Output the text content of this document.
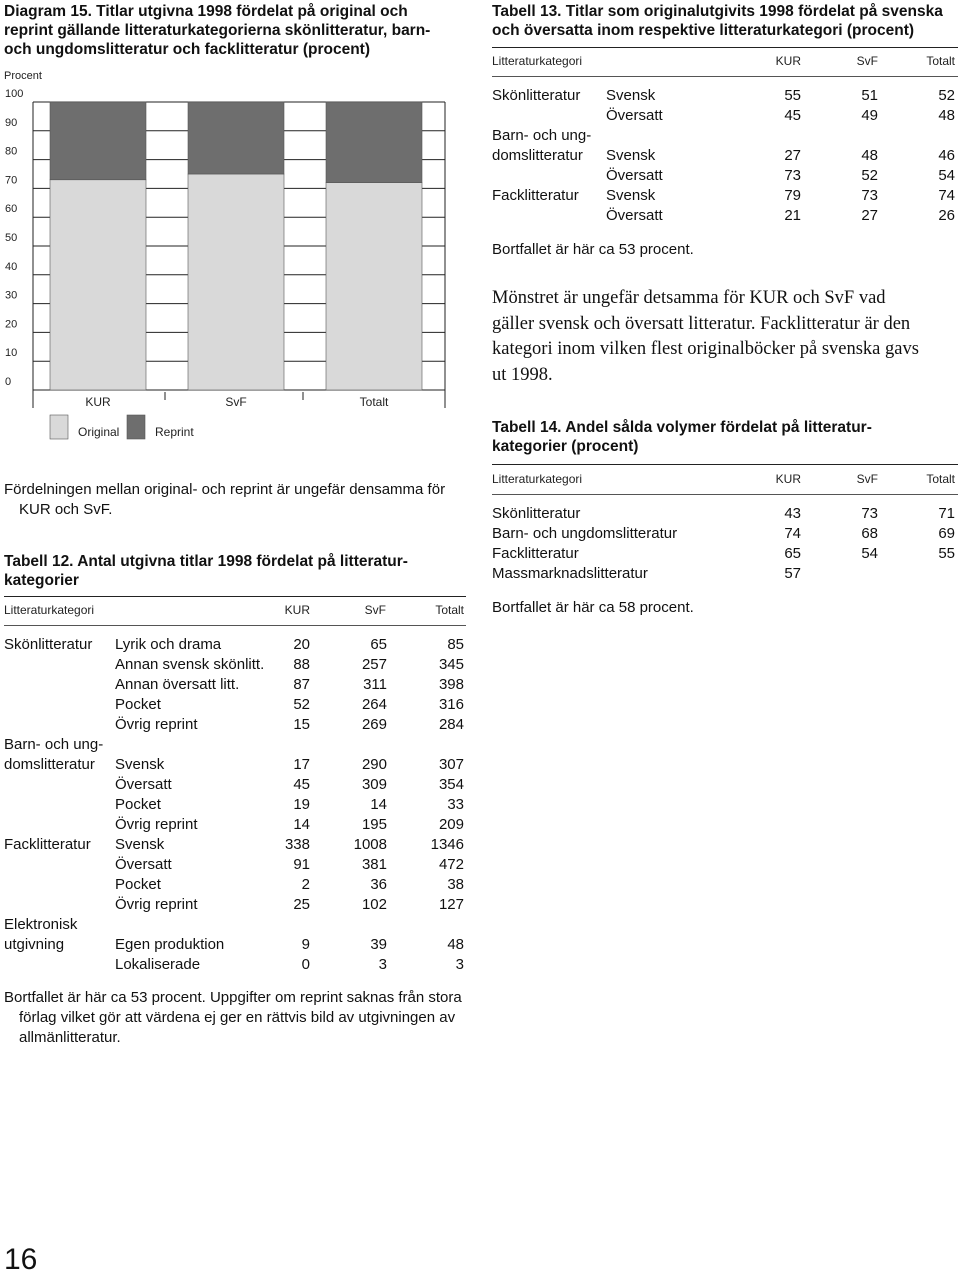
Diagram 15. Titlar utgivna 1998 fördelat på original och
reprint gällande litteraturkategorierna skönlitteratur, barn-
och ungdomslitteratur och facklitteratur (procent)
Procent
100
90
80
70
60
50
40
30
20
10
0
KUR	SvF	Totalt
Original	Reprint
Fördelningen mellan original- och reprint är ungefär densamma för
KUR och SvF.
Tabell 12. Antal utgivna titlar 1998 fördelat på litteratur-
kategorier
Litteraturkategori	KUR	SvF	Totalt
Skönlitteratur Lyrik och drama	20	65	85
Annan svensk skönlitt. 88	257	345
Annan översatt litt.	87	311	398
Pocket	52	264	316
Övrig reprint	15	269	284
Barn- och ung-
domslitteratur Svensk	17	290	307
Översatt	45	309	354
Pocket	19	14	33
Övrig reprint	14	195	209
Facklitteratur Svensk	338	1008	1346
Översatt	91	381	472
Pocket	2	36	38
Övrig reprint	25	102	127
Elektronisk
utgivning	Egen produktion	9	39	48
Lokaliserade	0	3	3
Bortfallet är här ca 53 procent. Uppgifter om reprint saknas från stora
förlag vilket gör att värdena ej ger en rättvis bild av utgivningen av
allmänlitteratur.
16
Tabell 13. Titlar som originalutgivits 1998 fördelat på svenska
och översatta inom respektive litteraturkategori (procent)
Litteraturkategori	KUR	SvF	Totalt
Skönlitteratur Svensk	55	51	52
Översatt	45	49	48
Barn- och ung-
domslitteratur Svensk	27	48	46
Översatt	73	52	54
Facklitteratur Svensk	79	73	74
Översatt	21	27	26
Bortfallet är här ca 53 procent.
Mönstret är ungefär detsamma för KUR och SvF vad
gäller svensk och översatt litteratur. Facklitteratur är den
kategori inom vilken flest originalböcker på svenska gavs
ut 1998.
Tabell 14. Andel sålda volymer fördelat på litteratur-
kategorier (procent)
Litteraturkategori	KUR	SvF	Totalt
Skönlitteratur	43	73	71
Barn- och ungdomslitteratur	74	68	69
Facklitteratur	65	54	55
Massmarknadslitteratur	57
Bortfallet är här ca 58 procent.
